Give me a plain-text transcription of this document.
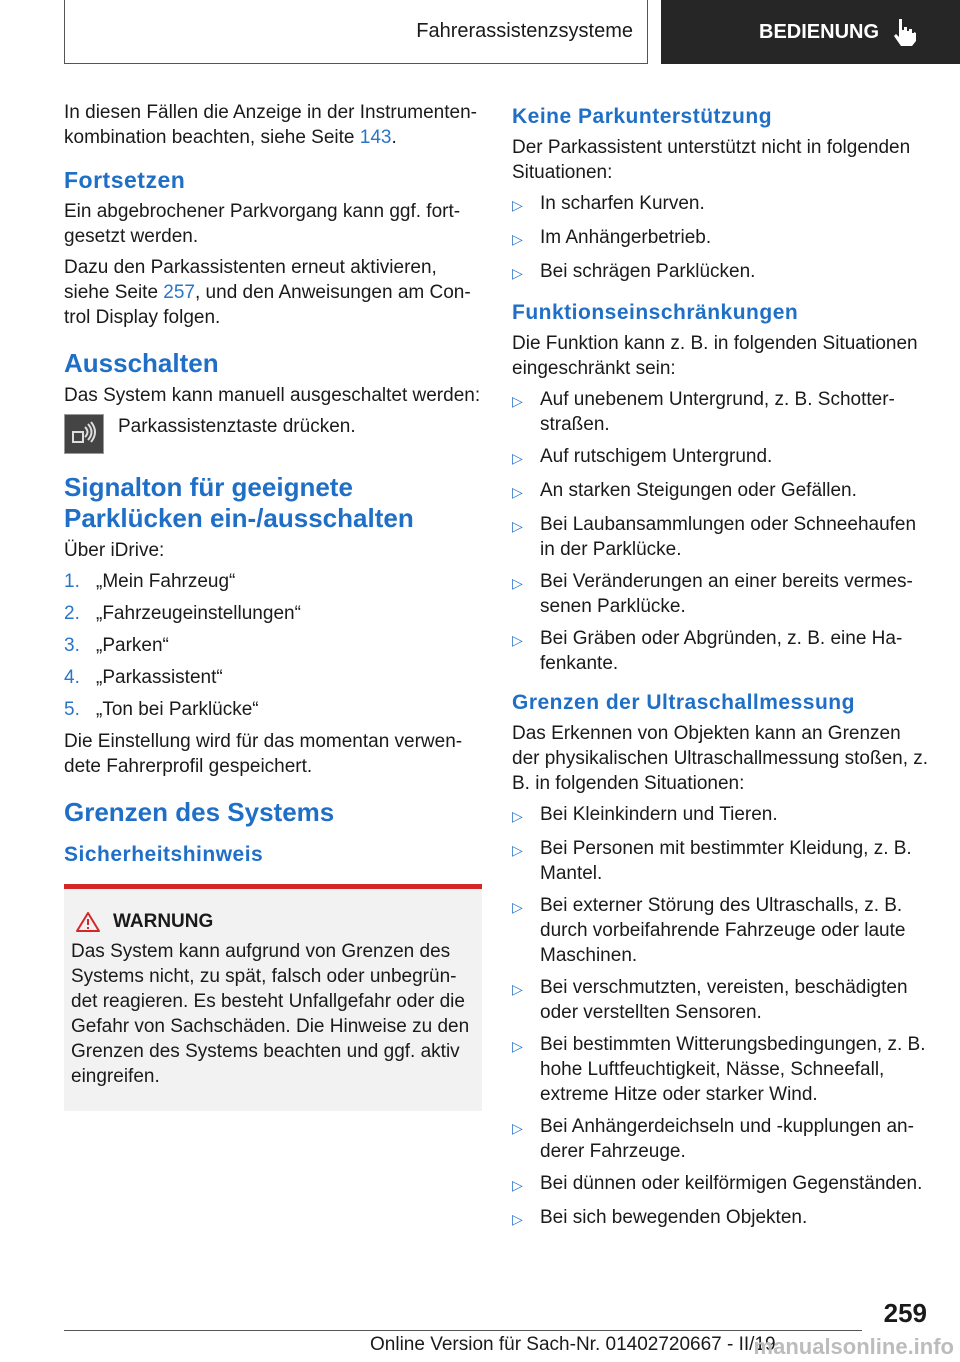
Fahrerassistenzsysteme	BEDIENUNG

In diesen Fällen die Anzeige in der Instrumenten-kombination beachten, siehe Seite 143.

Fortsetzen

Ein abgebrochener Parkvorgang kann ggf. fort-gesetzt werden.

Dazu den Parkassistenten erneut aktivieren, siehe Seite 257, und den Anweisungen am Con-trol Display folgen.

Ausschalten

Das System kann manuell ausgeschaltet werden:

Parkassistenztaste drücken.

Signalton für geeignete Parklücken ein-/ausschalten

Über iDrive:

1. „Mein Fahrzeug“
2. „Fahrzeugeinstellungen“
3. „Parken“
4. „Parkassistent“
5. „Ton bei Parklücke“

Die Einstellung wird für das momentan verwen-dete Fahrerprofil gespeichert.

Grenzen des Systems
Sicherheitshinweis
WARNUNG

Das System kann aufgrund von Grenzen des Systems nicht, zu spät, falsch oder unbegrün-det reagieren. Es besteht Unfallgefahr oder die Gefahr von Sachschäden. Die Hinweise zu den Grenzen des Systems beachten und ggf. aktiv eingreifen.

Keine Parkunterstützung

Der Parkassistent unterstützt nicht in folgenden Situationen:

▷ In scharfen Kurven.
▷ Im Anhängerbetrieb.
▷ Bei schrägen Parklücken.
Funktionseinschränkungen

Die Funktion kann z. B. in folgenden Situationen eingeschränkt sein:

▷ Auf unebenem Untergrund, z. B. Schotter-straßen.
▷ Auf rutschigem Untergrund.
▷ An starken Steigungen oder Gefällen.
▷ Bei Laubansammlungen oder Schneehaufen in der Parklücke.
▷ Bei Veränderungen an einer bereits vermes-senen Parklücke.
▷ Bei Gräben oder Abgründen, z. B. eine Ha-fenkante.
Grenzen der Ultraschallmessung

Das Erkennen von Objekten kann an Grenzen der physikalischen Ultraschallmessung stoßen, z. B. in folgenden Situationen:

▷ Bei Kleinkindern und Tieren.
▷ Bei Personen mit bestimmter Kleidung, z. B. Mantel.
▷ Bei externer Störung des Ultraschalls, z. B. durch vorbeifahrende Fahrzeuge oder laute Maschinen.
▷ Bei verschmutzten, vereisten, beschädigten oder verstellten Sensoren.
▷ Bei bestimmten Witterungsbedingungen, z. B. hohe Luftfeuchtigkeit, Nässe, Schneefall, extreme Hitze oder starker Wind.
▷ Bei Anhängerdeichseln und -kupplungen an-derer Fahrzeuge.
▷ Bei dünnen oder keilförmigen Gegenständen.
▷ Bei sich bewegenden Objekten.
259
Online Version für Sach-Nr. 01402720667 - II/19
manualsonline.info
